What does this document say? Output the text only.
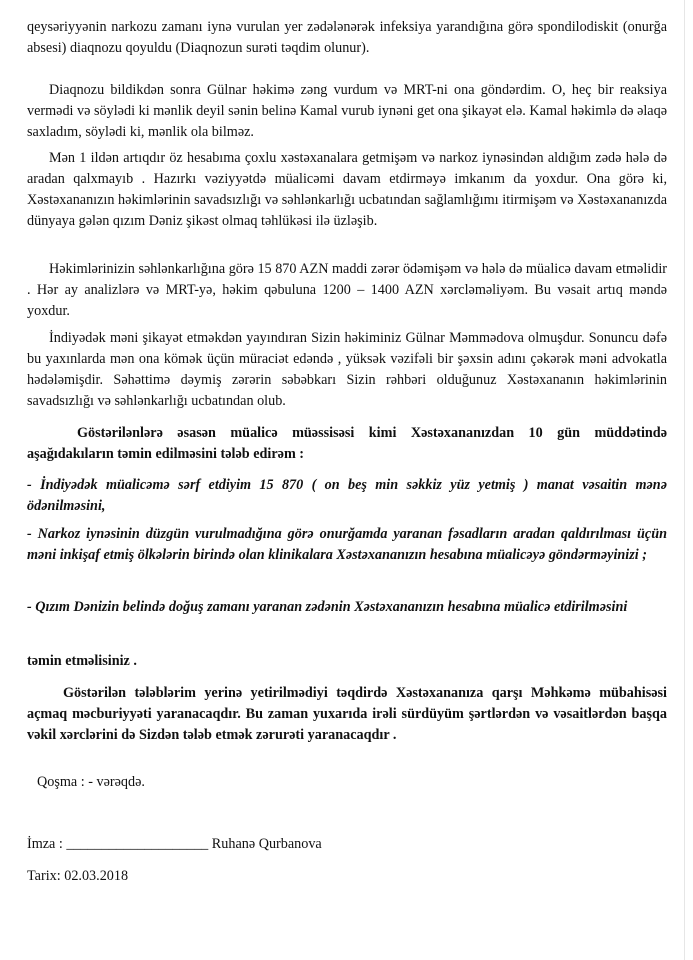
qeysəriyyənin narkozu zamanı iynə vurulan yer zədələnərək infeksiya yarandığına görə spondilodiskit (onurğa absesi) diaqnozu qoyuldu (Diaqnozun surəti təqdim olunur).

Diaqnozu bildikdən sonra Gülnar həkimə zəng vurdum və MRT-ni ona göndərdim. O, heç bir reaksiya vermədi və söylədi ki mənlik deyil sənin belinə Kamal vurub iynəni get ona şikayət elə. Kamal həkimlə də əlaqə saxladım, söylədi ki, mənlik ola bilməz.

Mən 1 ildən artıqdır öz hesabıma çoxlu xəstəxanalara getmişəm və narkoz iynəsindən aldığım zədə hələ də aradan qalxmayıb . Hazırkı vəziyyətdə müalicəmi davam etdirməyə imkanım da yoxdur. Ona görə ki, Xəstəxananızın həkimlərinin savadsızlığı və səhlənkarlığı ucbatından sağlamlığımı itirmişəm və Xəstəxananızda dünyaya gələn qızım Dəniz şikəst olmaq təhlükəsi ilə üzləşib.

Həkimlərinizin səhlənkarlığına görə 15 870 AZN maddi zərər ödəmişəm və hələ də müalicə davam etməlidir . Hər ay analizlərə və MRT-yə, həkim qəbuluna 1200 – 1400 AZN xərcləməliyəm. Bu vəsait artıq məndə yoxdur.

İndiyədək məni şikayət etməkdən yayındıran Sizin həkiminiz Gülnar Məmmədova olmuşdur. Sonuncu dəfə bu yaxınlarda mən ona kömək üçün müraciət edəndə , yüksək vəzifəli bir şəxsin adını çəkərək məni advokatla hədələmişdir. Səhəttimə dəymiş zərərin səbəbkarı Sizin rəhbəri olduğunuz Xəstəxananın həkimlərinin savadsızlığı və səhlənkarlığı ucbatından olub.

Göstərilənlərə əsasən müalicə müəssisəsi kimi Xəstəxananızdan 10 gün müddətində aşağıdakıların təmin edilməsini tələb edirəm :

- İndiyədək müalicəmə sərf etdiyim 15 870 ( on beş min səkkiz yüz yetmiş ) manat vəsaitin mənə ödənilməsini,

- Narkoz iynəsinin düzgün vurulmadığına görə onurğamda yaranan fəsadların aradan qaldırılması üçün məni inkişaf etmiş ölkələrin birində olan klinikalara Xəstəxananızın hesabına müalicəyə göndərməyinizi ;

- Qızım Dənizin belində doğuş zamanı yaranan zədənin Xəstəxananızın hesabına müalicə etdirilməsini

təmin etməlisiniz .

Göstərilən tələblərim yerinə yetirilmədiyi təqdirdə Xəstəxananıza qarşı Məhkəmə mübahisəsi açmaq məcburiyyəti yaranacaqdır. Bu zaman yuxarıda irəli sürdüyüm şərtlərdən və vəsaitlərdən başqa vəkil xərclərini də Sizdən tələb etmək zərurəti yaranacaqdır .

Qoşma : - vərəqdə.
İmza : ____________________ Ruhanə Qurbanova
Tarix: 02.03.2018
